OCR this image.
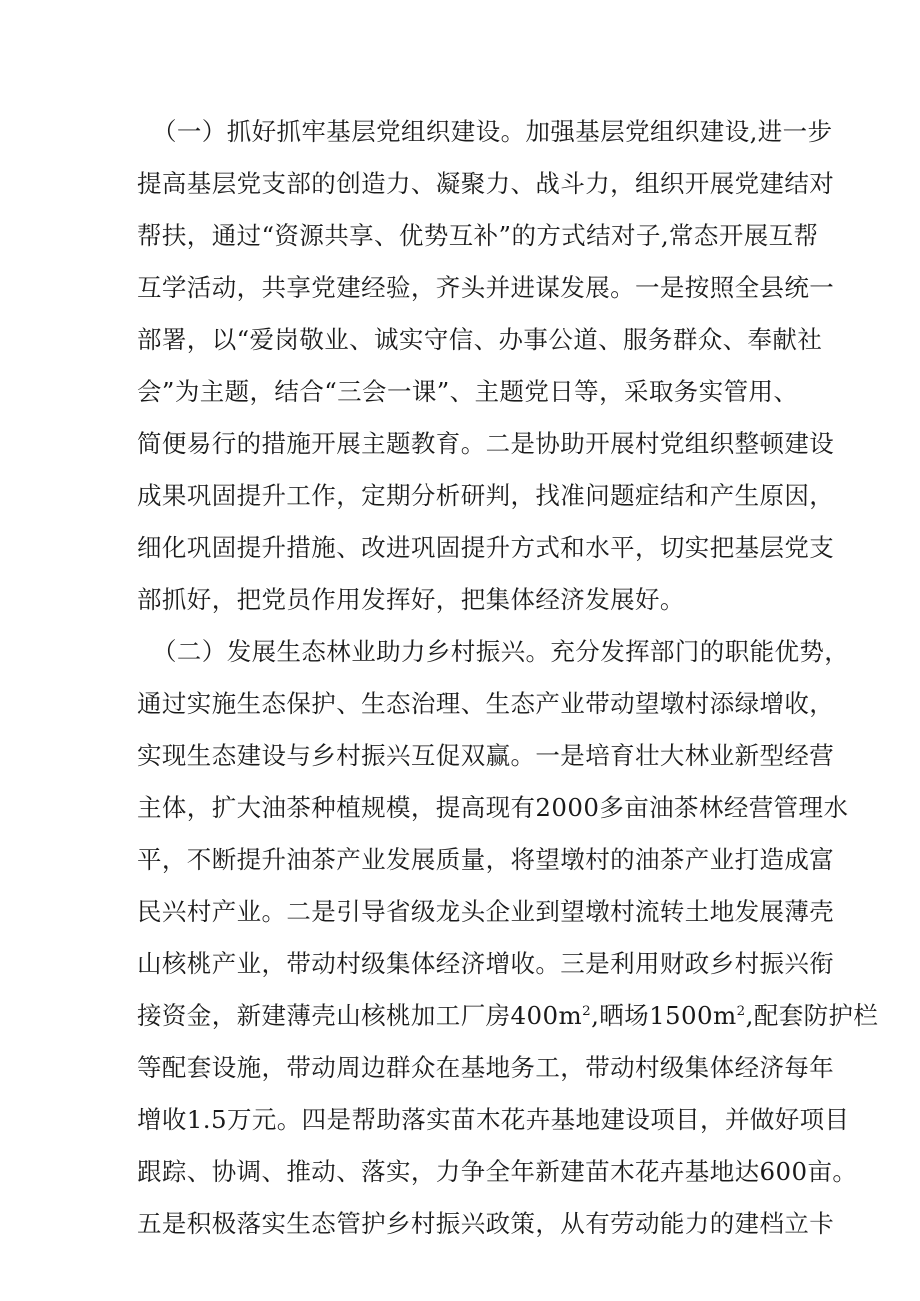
（一）抓好抓牢基层党组织建设。加强基层党组织建设,进一步
提高基层党支部的创造力、凝聚力、战斗力，组织开展党建结对
帮扶，通过“资源共享、优势互补”的方式结对子,常态开展互帮
互学活动，共享党建经验，齐头并进谋发展。一是按照全县统一
部署，以“爱岗敬业、诚实守信、办事公道、服务群众、奉献社
会”为主题，结合“三会一课”、主题党日等，采取务实管用、
简便易行的措施开展主题教育。二是协助开展村党组织整顿建设
成果巩固提升工作，定期分析研判，找准问题症结和产生原因，
细化巩固提升措施、改进巩固提升方式和水平，切实把基层党支
部抓好，把党员作用发挥好，把集体经济发展好。
（二）发展生态林业助力乡村振兴。充分发挥部门的职能优势，
通过实施生态保护、生态治理、生态产业带动望墩村添绿增收，
实现生态建设与乡村振兴互促双赢。一是培育壮大林业新型经营
主体，扩大油茶种植规模，提高现有2000多亩油茶林经营管理水
平，不断提升油茶产业发展质量，将望墩村的油茶产业打造成富
民兴村产业。二是引导省级龙头企业到望墩村流转土地发展薄壳
山核桃产业，带动村级集体经济增收。三是利用财政乡村振兴衔
接资金，新建薄壳山核桃加工厂房$400m^2$,晒场$1500m^2$,配套防护栏
等配套设施，带动周边群众在基地务工，带动村级集体经济每年
增收1.5万元。四是帮助落实苗木花卉基地建设项目，并做好项目
跟踪、协调、推动、落实，力争全年新建苗木花卉基地达600亩。
五是积极落实生态管护乡村振兴政策，从有劳动能力的建档立卡
